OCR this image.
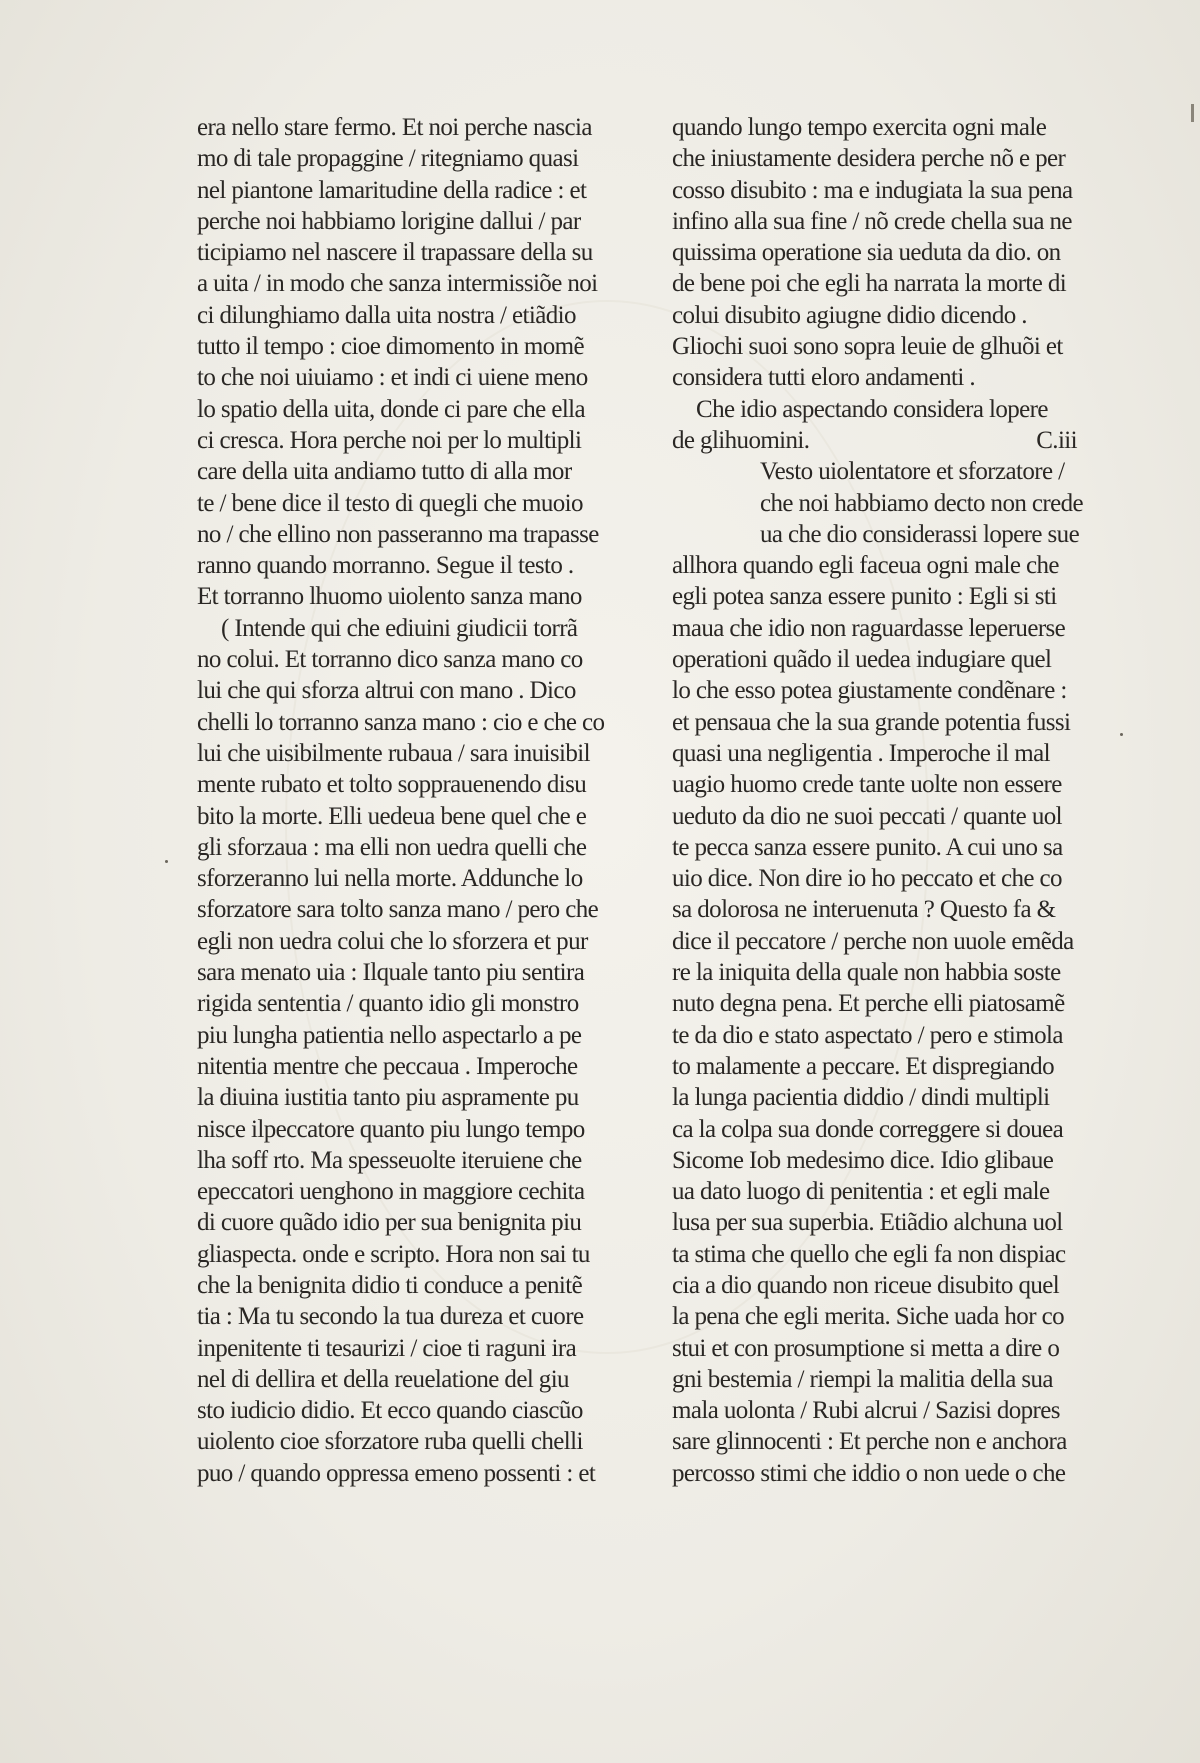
era nello stare fermo. Et noi perche nascia
mo di tale propaggine / ritegniamo quasi
nel piantone lamaritudine della radice : et
perche noi habbiamo lorigine dallui / par
ticipiamo nel nascere il trapassare della su
a uita / in modo che sanza intermissiõe noi
ci dilunghiamo dalla uita nostra / etiãdio
tutto il tempo : cioe dimomento in momẽ
to che noi uiuiamo : et indi ci uiene meno
lo spatio della uita, donde ci pare che ella
ci cresca. Hora perche noi per lo multipli
care della uita andiamo tutto di alla mor
te / bene dice il testo di quegli che muoio
no / che ellino non passeranno ma trapasse
ranno quando morranno. Segue il testo .
Et torranno lhuomo uiolento sanza mano
( Intende qui che ediuini giudicii torrã
no colui. Et torranno dico sanza mano co
lui che qui sforza altrui con mano . Dico
chelli lo torranno sanza mano : cio e che co
lui che uisibilmente rubaua / sara inuisibil
mente rubato et tolto sopprauenendo disu
bito la morte. Elli uedeua bene quel che e
gli sforzaua : ma elli non uedra quelli che
sforzeranno lui nella morte. Addunche lo
sforzatore sara tolto sanza mano / pero che
egli non uedra colui che lo sforzera et pur
sara menato uia : Ilquale tanto piu sentira
rigida sententia / quanto idio gli monstro
piu lungha patientia nello aspectarlo a pe
nitentia mentre che peccaua . Imperoche
la diuina iustitia tanto piu aspramente pu
nisce ilpeccatore quanto piu lungo tempo
lha soff rto. Ma spesseuolte iteruiene che
epeccatori uenghono in maggiore cechita
di cuore quãdo idio per sua benignita piu
gliaspecta. onde e scripto. Hora non sai tu
che la benignita didio ti conduce a penitẽ
tia : Ma tu secondo la tua dureza et cuore
inpenitente ti tesaurizi / cioe ti raguni ira
nel di dellira et della reuelatione del giu
sto iudicio didio. Et ecco quando ciascũo
uiolento cioe sforzatore ruba quelli chelli
puo / quando oppressa emeno possenti : et
quando lungo tempo exercita ogni male
che iniustamente desidera perche nõ e per
cosso disubito : ma e indugiata la sua pena
infino alla sua fine / nõ crede chella sua ne
quissima operatione sia ueduta da dio. on
de bene poi che egli ha narrata la morte di
colui disubito agiugne didio dicendo .
Gliochi suoi sono sopra leuie de glhuõi et
considera tutti eloro andamenti .
Che idio aspectando considera lopere
de glihuomini.	C.iii
Vesto uiolentatore et sforzatore /
che noi habbiamo decto non crede
ua che dio considerassi lopere sue
allhora quando egli faceua ogni male che
egli potea sanza essere punito : Egli si sti
maua che idio non raguardasse leperuerse
operationi quãdo il uedea indugiare quel
lo che esso potea giustamente condẽnare :
et pensaua che la sua grande potentia fussi
quasi una negligentia . Imperoche il mal
uagio huomo crede tante uolte non essere
ueduto da dio ne suoi peccati / quante uol
te pecca sanza essere punito. A cui uno sa
uio dice. Non dire io ho peccato et che co
sa dolorosa ne interuenuta ? Questo fa &
dice il peccatore / perche non uuole emẽda
re la iniquita della quale non habbia soste
nuto degna pena. Et perche elli piatosamẽ
te da dio e stato aspectato / pero e stimola
to malamente a peccare. Et dispregiando
la lunga pacientia diddio / dindi multipli
ca la colpa sua donde correggere si douea
Sicome Iob medesimo dice. Idio glibaue
ua dato luogo di penitentia : et egli male
lusa per sua superbia. Etiãdio alchuna uol
ta stima che quello che egli fa non dispiac
cia a dio quando non riceue disubito quel
la pena che egli merita. Siche uada hor co
stui et con prosumptione si metta a dire o
gni bestemia / riempi la malitia della sua
mala uolonta / Rubi alcrui / Sazisi dopres
sare glinnocenti : Et perche non e anchora
percosso stimi che iddio o non uede o che
